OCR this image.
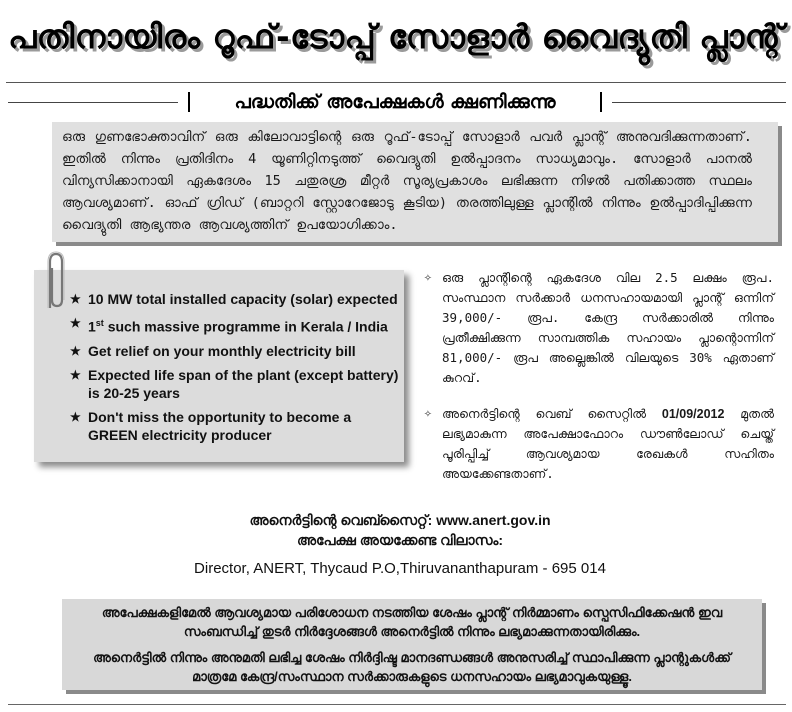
പതിനായിരം റൂഫ്-ടോപ്പ് സോളാർ വൈദ്യുതി പ്ലാന്റ്
പദ്ധതിക്ക് അപേക്ഷകൾ ക്ഷണിക്കുന്നു
ഒരു ഗുണഭോക്താവിന് ഒരു കിലോവാട്ടിന്റെ ഒരു റൂഫ്-ടോപ്പ് സോളാർ പവർ പ്ലാന്റ് അനുവദിക്കുന്നതാണ്. ഇതിൽ നിന്നും പ്രതിദിനം 4 യൂണിറ്റിനടുത്ത് വൈദ്യുതി ഉൽപ്പാദനം സാധ്യമാവും. സോളാർ പാനൽ വിന്യസിക്കാനായി ഏകദേശം 15 ചതുരശ്ര മീറ്റർ സൂര്യപ്രകാശം ലഭിക്കുന്ന നിഴൽ പതിക്കാത്ത സ്ഥലം ആവശ്യമാണ്. ഓഫ് ഗ്രിഡ് (ബാറ്ററി സ്റ്റോറേജോടു കൂടിയ) തരത്തിലുള്ള പ്ലാന്റിൽ നിന്നും ഉൽപ്പാദിപ്പിക്കുന്ന വൈദ്യുതി ആഭ്യന്തര ആവശ്യത്തിന് ഉപയോഗിക്കാം.
★ 10 MW total installed capacity (solar) expected
★ 1st such massive programme in Kerala / India
★ Get relief on your monthly electricity bill
★ Expected life span of the plant (except battery) is 20-25 years
★ Don't miss the opportunity to become a GREEN electricity producer
✧ ഒരു പ്ലാന്റിന്റെ ഏകദേശ വില 2.5 ലക്ഷം രൂപ. സംസ്ഥാന സർക്കാർ ധനസഹായമായി പ്ലാന്റ് ഒന്നിന് 39,000/- രൂപ. കേന്ദ്ര സർക്കാരിൽ നിന്നും പ്രതീക്ഷിക്കുന്ന സാമ്പത്തിക സഹായം പ്ലാന്റൊന്നിന് 81,000/- രൂപ അല്ലെങ്കിൽ വിലയുടെ 30% ഏതാണ് കുറവ്.
✧ അനെർട്ടിന്റെ വെബ് സൈറ്റിൽ 01/09/2012 മുതൽ ലഭ്യമാകുന്ന അപേക്ഷാഫോറം ഡൗൺലോഡ് ചെയ്ത് പൂരിപ്പിച്ച് ആവശ്യമായ രേഖകൾ സഹിതം അയക്കേണ്ടതാണ്.
അനെർട്ടിന്റെ വെബ്സൈറ്റ്: www.anert.gov.in
അപേക്ഷ അയക്കേണ്ട വിലാസം:
Director, ANERT, Thycaud P.O,Thiruvananthapuram - 695 014
അപേക്ഷകളിമേൽ ആവശ്യമായ പരിശോധന നടത്തിയ ശേഷം പ്ലാന്റ് നിർമ്മാണം സ്പെസിഫിക്കേഷൻ ഇവ സംബന്ധിച്ച് തുടർ നിർദ്ദേശങ്ങൾ അനെർട്ടിൽ നിന്നും ലഭ്യമാക്കുന്നതായിരിക്കും.
അനെർട്ടിൽ നിന്നും അനുമതി ലഭിച്ച ശേഷം നിർദ്ദിഷ്ട മാനദണ്ഡങ്ങൾ അനുസരിച്ച് സ്ഥാപിക്കുന്ന പ്ലാന്റുകൾക്ക് മാത്രമേ കേന്ദ്ര/സംസ്ഥാന സർക്കാരുകളുടെ ധനസഹായം ലഭ്യമാവുകയുള്ളൂ.
